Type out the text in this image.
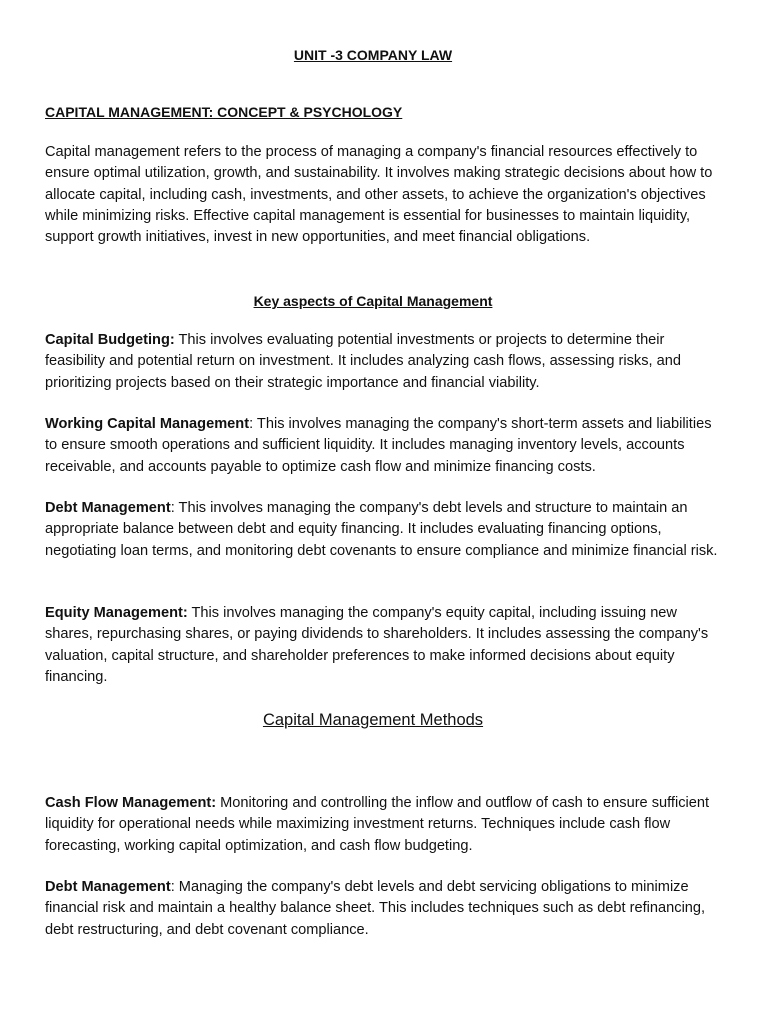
UNIT -3 COMPANY LAW
CAPITAL MANAGEMENT: CONCEPT & PSYCHOLOGY

Capital management refers to the process of managing a company's financial resources effectively to ensure optimal utilization, growth, and sustainability. It involves making strategic decisions about how to allocate capital, including cash, investments, and other assets, to achieve the organization's objectives while minimizing risks. Effective capital management is essential for businesses to maintain liquidity, support growth initiatives, invest in new opportunities, and meet financial obligations.

Key aspects of Capital Management

Capital Budgeting: This involves evaluating potential investments or projects to determine their feasibility and potential return on investment. It includes analyzing cash flows, assessing risks, and prioritizing projects based on their strategic importance and financial viability.

Working Capital Management: This involves managing the company's short-term assets and liabilities to ensure smooth operations and sufficient liquidity. It includes managing inventory levels, accounts receivable, and accounts payable to optimize cash flow and minimize financing costs.

Debt Management: This involves managing the company's debt levels and structure to maintain an appropriate balance between debt and equity financing. It includes evaluating financing options, negotiating loan terms, and monitoring debt covenants to ensure compliance and minimize financial risk.

Equity Management: This involves managing the company's equity capital, including issuing new shares, repurchasing shares, or paying dividends to shareholders. It includes assessing the company's valuation, capital structure, and shareholder preferences to make informed decisions about equity financing.

Capital Management Methods

Cash Flow Management: Monitoring and controlling the inflow and outflow of cash to ensure sufficient liquidity for operational needs while maximizing investment returns. Techniques include cash flow forecasting, working capital optimization, and cash flow budgeting.

Debt Management: Managing the company's debt levels and debt servicing obligations to minimize financial risk and maintain a healthy balance sheet. This includes techniques such as debt refinancing, debt restructuring, and debt covenant compliance.
